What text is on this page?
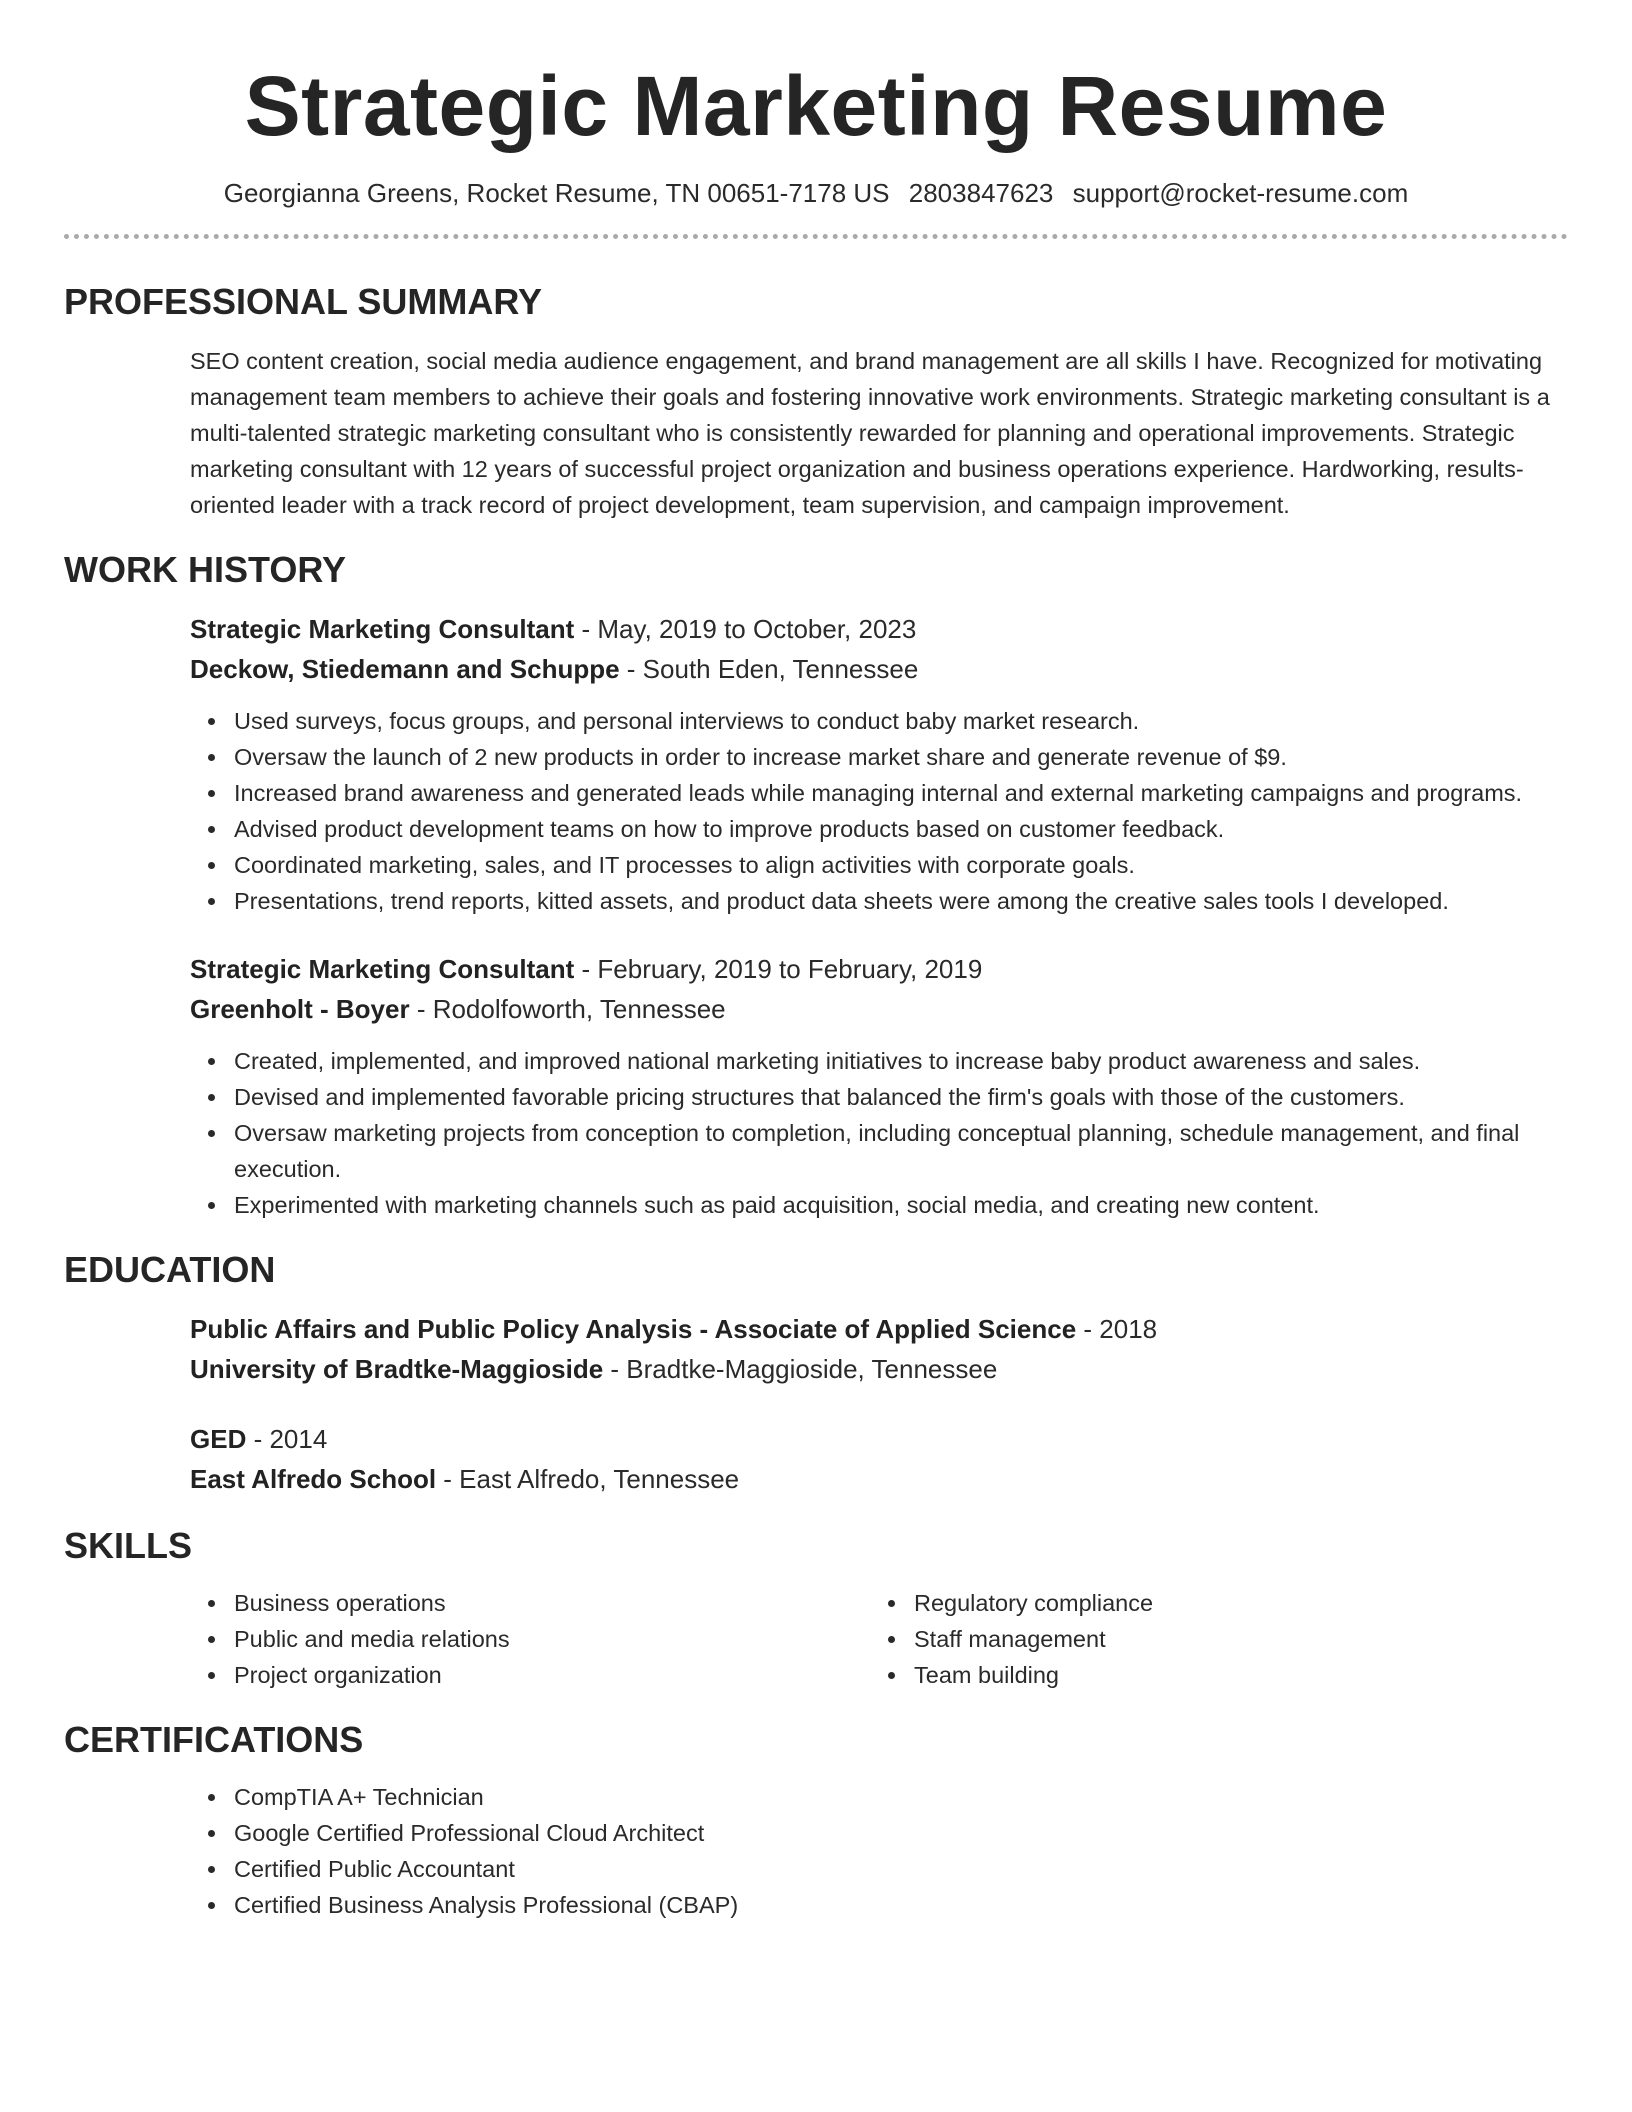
Strategic Marketing Resume
Georgianna Greens, Rocket Resume, TN 00651-7178 US 2803847623 support@rocket-resume.com
PROFESSIONAL SUMMARY

SEO content creation, social media audience engagement, and brand management are all skills I have. Recognized for motivating management team members to achieve their goals and fostering innovative work environments. Strategic marketing consultant is a multi-talented strategic marketing consultant who is consistently rewarded for planning and operational improvements. Strategic marketing consultant with 12 years of successful project organization and business operations experience. Hardworking, results-oriented leader with a track record of project development, team supervision, and campaign improvement.

WORK HISTORY
Strategic Marketing Consultant - May, 2019 to October, 2023
Deckow, Stiedemann and Schuppe - South Eden, Tennessee
Used surveys, focus groups, and personal interviews to conduct baby market research.
Oversaw the launch of 2 new products in order to increase market share and generate revenue of $9.
Increased brand awareness and generated leads while managing internal and external marketing campaigns and programs.
Advised product development teams on how to improve products based on customer feedback.
Coordinated marketing, sales, and IT processes to align activities with corporate goals.
Presentations, trend reports, kitted assets, and product data sheets were among the creative sales tools I developed.
Strategic Marketing Consultant - February, 2019 to February, 2019
Greenholt - Boyer - Rodolfoworth, Tennessee
Created, implemented, and improved national marketing initiatives to increase baby product awareness and sales.
Devised and implemented favorable pricing structures that balanced the firm's goals with those of the customers.
Oversaw marketing projects from conception to completion, including conceptual planning, schedule management, and final execution.
Experimented with marketing channels such as paid acquisition, social media, and creating new content.
EDUCATION
Public Affairs and Public Policy Analysis - Associate of Applied Science - 2018
University of Bradtke-Maggioside - Bradtke-Maggioside, Tennessee
GED - 2014
East Alfredo School - East Alfredo, Tennessee
SKILLS
Business operations
Public and media relations
Project organization
Regulatory compliance
Staff management
Team building
CERTIFICATIONS
CompTIA A+ Technician
Google Certified Professional Cloud Architect
Certified Public Accountant
Certified Business Analysis Professional (CBAP)
